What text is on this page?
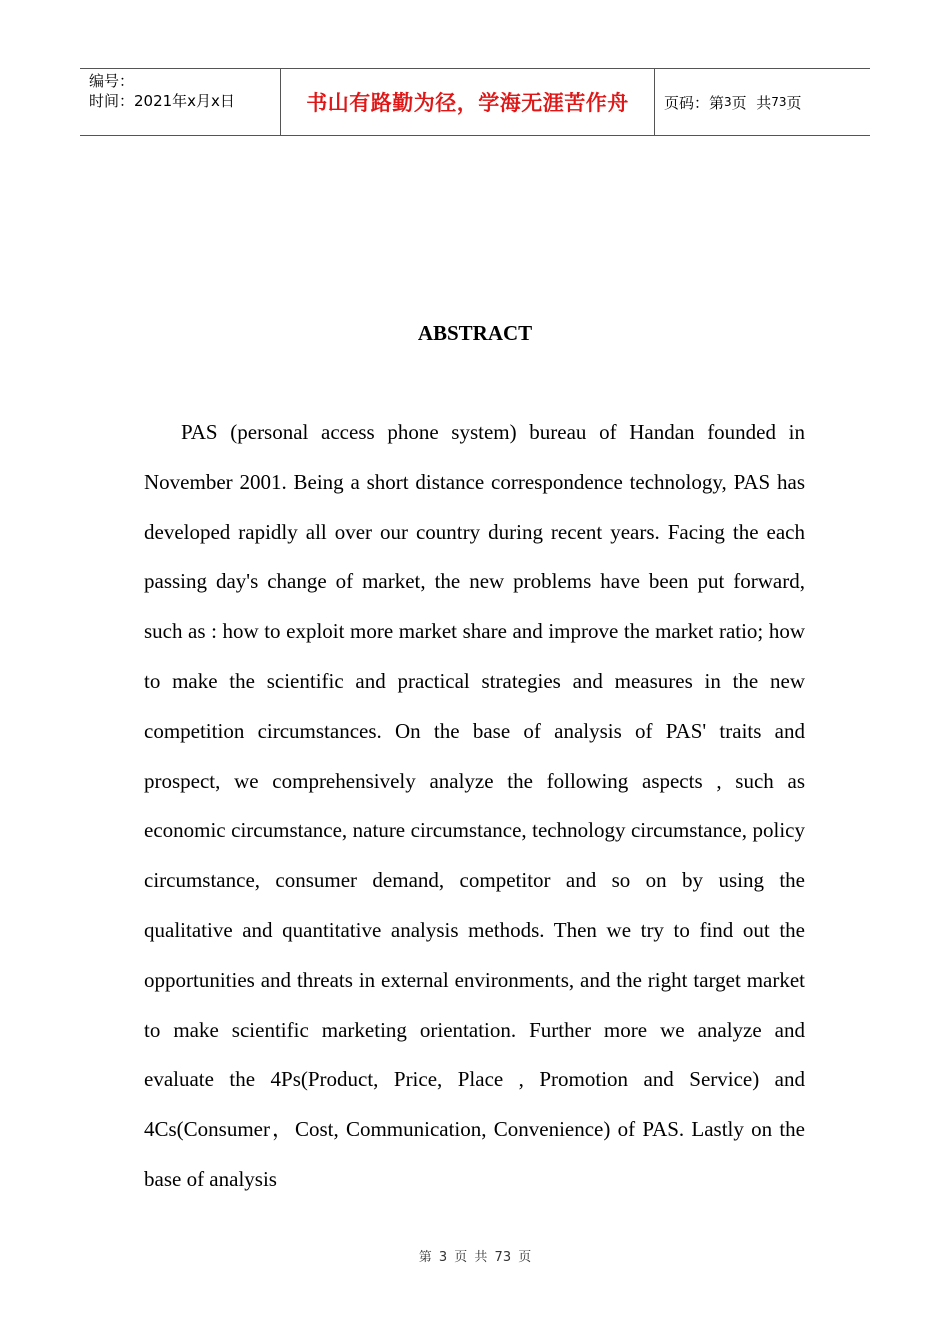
编号：
时间：2021年x月x日	书山有路勤为径，学海无涯苦作舟 页码：第 3 页  共 73 页
ABSTRACT

PAS (personal access phone system) bureau of Handan founded in November 2001. Being a short distance correspondence technology, PAS has developed rapidly all over our country during recent years. Facing the each passing day's change of market, the new problems have been put forward, such as : how to exploit more market share and improve the market ratio; how to make the scientific and practical strategies and measures in the new competition circumstances. On the base of analysis of PAS' traits and prospect, we comprehensively analyze the following aspects , such as economic circumstance, nature circumstance, technology circumstance, policy circumstance, consumer demand, competitor and so on by using the qualitative and quantitative analysis methods. Then we try to find out the opportunities and threats in external environments, and the right target market to make scientific marketing orientation. Further more we analyze and evaluate the 4Ps(Product, Price, Place , Promotion and Service) and 4Cs(Consumer，Cost, Communication, Convenience) of PAS. Lastly on the base of analysis

第 3 页 共 73 页
